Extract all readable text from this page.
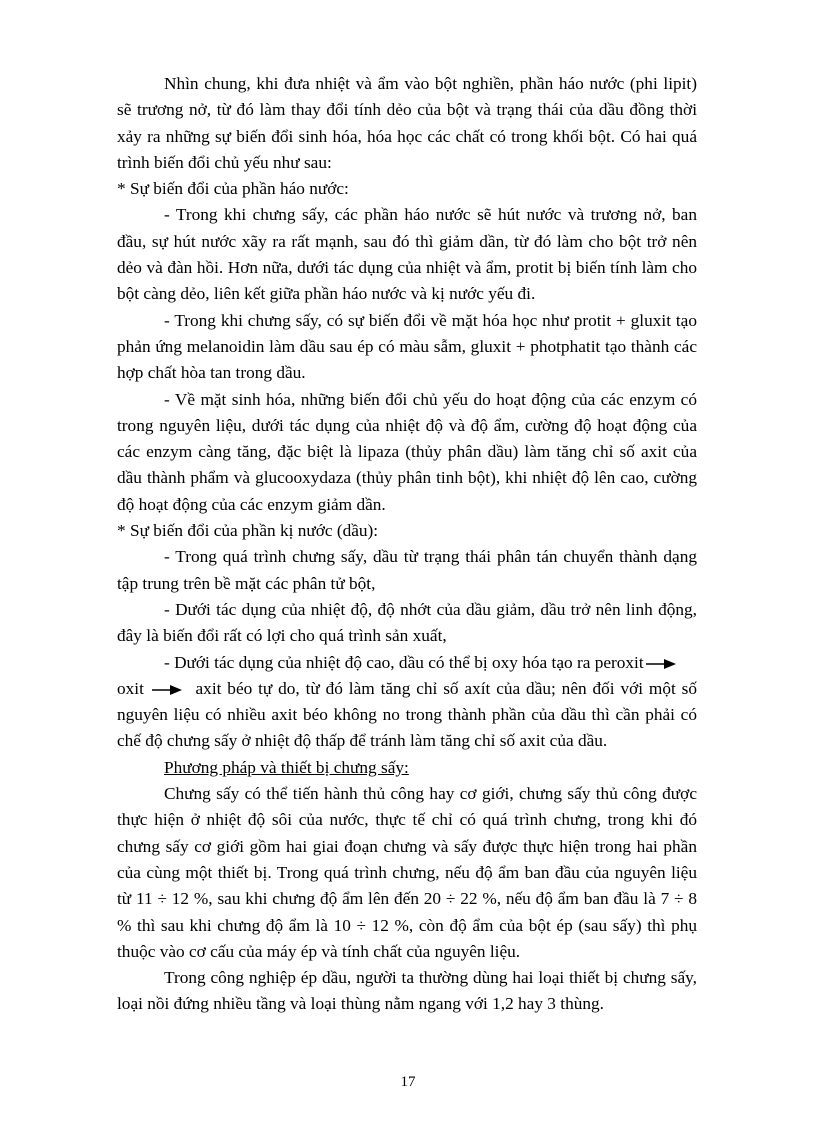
Nhìn chung, khi đưa nhiệt và ẩm vào bột nghiền, phần háo nước (phi lipit) sẽ trương nở, từ đó làm thay đổi tính dẻo của bột và trạng thái của dầu đồng thời xảy ra những sự biến đổi sinh hóa, hóa học các chất có trong khối bột. Có hai quá trình biến đổi chủ yếu như sau:

* Sự biến đổi của phần háo nước:

- Trong khi chưng sấy, các phần háo nước sẽ hút nước và trương nở, ban đầu, sự hút nước xãy ra rất mạnh, sau đó thì giảm dần, từ đó làm cho bột trở nên dẻo và đàn hồi. Hơn nữa, dưới tác dụng của nhiệt và ẩm, protit bị biến tính làm cho bột càng dẻo, liên kết giữa phần háo nước và kị nước yếu đi.

- Trong khi chưng sấy, có sự biến đổi về mặt hóa học như protit + gluxit tạo phản ứng melanoidin làm dầu sau ép có màu sẫm, gluxit + photphatit tạo thành các hợp chất hòa tan trong dầu.

- Về mặt sinh hóa, những biến đổi chủ yếu do hoạt động của các enzym có trong nguyên liệu, dưới tác dụng của nhiệt độ và độ ẩm, cường độ hoạt động của các enzym càng tăng, đặc biệt là lipaza (thủy phân dầu) làm tăng chỉ số axit của dầu thành phẩm và glucooxydaza (thủy phân tinh bột), khi nhiệt độ lên cao, cường độ hoạt động của các enzym giảm dần.

* Sự biến đổi của phần kị nước (dầu):

- Trong quá trình chưng sấy, dầu từ trạng thái phân tán chuyển thành dạng tập trung trên bề mặt các phân tử bột,

- Dưới tác dụng của nhiệt độ, độ nhớt của dầu giảm, dầu trở nên linh động, đây là biến đổi rất có lợi cho quá trình sản xuất,

- Dưới tác dụng của nhiệt độ cao, dầu có thể bị oxy hóa tạo ra peroxit

oxit	axit béo tự do, từ đó làm tăng chỉ số axít của dầu; nên đối với một số nguyên liệu có nhiều axit béo không no trong thành phần của dầu thì cần phải có chế độ chưng sấy ở nhiệt độ thấp để tránh làm tăng chỉ số axit của dầu.

Phương pháp và thiết bị chưng sấy:

Chưng sấy có thể tiến hành thủ công hay cơ giới, chưng sấy thủ công được thực hiện ở nhiệt độ sôi của nước, thực tế chỉ có quá trình chưng, trong khi đó chưng sấy cơ giới gồm hai giai đoạn chưng và sấy được thực hiện trong hai phần của cùng một thiết bị. Trong quá trình chưng, nếu độ ẩm ban đầu của nguyên liệu từ 11 ÷ 12 %, sau khi chưng độ ẩm lên đến 20 ÷ 22 %, nếu độ ẩm ban đầu là 7 ÷ 8 % thì sau khi chưng độ ẩm là 10 ÷ 12 %, còn độ ẩm của bột ép (sau sấy) thì phụ thuộc vào cơ cấu của máy ép và tính chất của nguyên liệu.

Trong công nghiệp ép dầu, người ta thường dùng hai loại thiết bị chưng sấy, loại nồi đứng nhiều tầng và loại thùng nằm ngang với 1,2 hay 3 thùng.

17
